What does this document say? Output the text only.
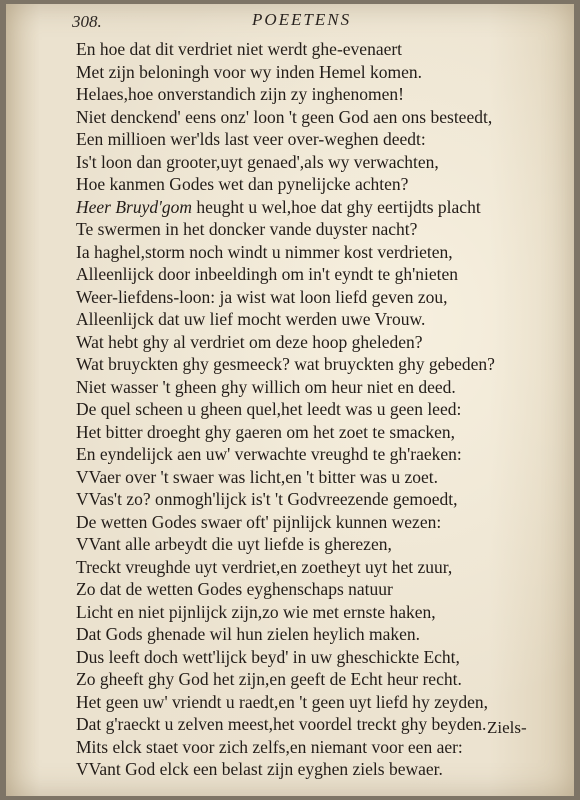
308.	POEETENS
En hoe dat dit verdriet niet werdt ghe-evenaert
Met zijn beloningh voor wy inden Hemel komen.
Helaes,hoe onverstandich zijn zy inghenomen!
Niet denckend' eens onz' loon 't geen God aen ons besteedt,
Een millioen wer'lds last veer over-weghen deedt:
Is't loon dan grooter,uyt genaed',als wy verwachten,
Hoe kanmen Godes wet dan pynelijcke achten?
Heer Bruyd'gom heught u wel,hoe dat ghy eertijdts placht
Te swermen in het doncker vande duyster nacht?
Ia haghel,storm noch windt u nimmer kost verdrieten,
Alleenlijck door inbeeldingh om in't eyndt te gh'nieten
Weer-liefdens-loon: ja wist wat loon liefd geven zou,
Alleenlijck dat uw lief mocht werden uwe Vrouw.
Wat hebt ghy al verdriet om deze hoop gheleden?
Wat bruyckten ghy gesmeeck? wat bruyckten ghy gebeden?
Niet wasser 't gheen ghy willich om heur niet en deed.
De quel scheen u gheen quel,het leedt was u geen leed:
Het bitter droeght ghy gaeren om het zoet te smacken,
En eyndelijck aen uw' verwachte vreughd te gh'raeken:
VVaer over 't swaer was licht,en 't bitter was u zoet.
VVas't zo? onmogh'lijck is't 't Godvreezende gemoedt,
De wetten Godes swaer oft' pijnlijck kunnen wezen:
VVant alle arbeydt die uyt liefde is gherezen,
Treckt vreughde uyt verdriet,en zoetheyt uyt het zuur,
Zo dat de wetten Godes eyghenschaps natuur
Licht en niet pijnlijck zijn,zo wie met ernste haken,
Dat Gods ghenade wil hun zielen heylich maken.
Dus leeft doch wett'lijck beyd' in uw gheschickte Echt,
Zo gheeft ghy God het zijn,en geeft de Echt heur recht.
Het geen uw' vriendt u raedt,en 't geen uyt liefd hy zeyden,
Dat g'raeckt u zelven meest,het voordel treckt ghy beyden.
Mits elck staet voor zich zelfs,en niemant voor een aer:
VVant God elck een belast zijn eyghen ziels bewaer.
Ziels-
